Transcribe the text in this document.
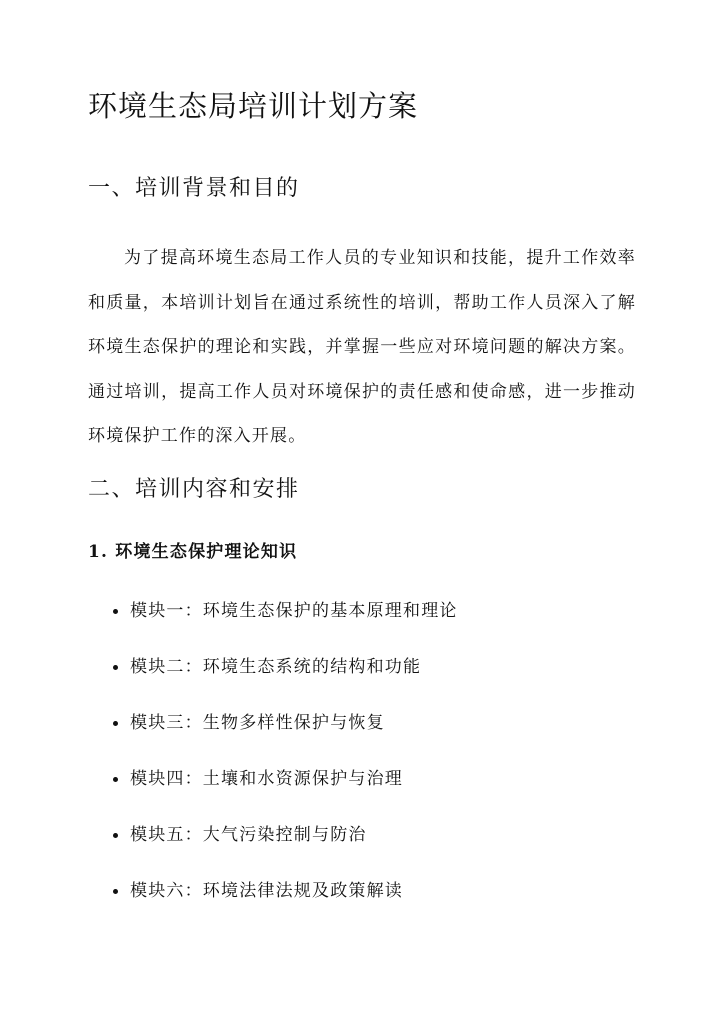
环境生态局培训计划方案
一、培训背景和目的

为了提高环境生态局工作人员的专业知识和技能，提升工作效率和质量，本培训计划旨在通过系统性的培训，帮助工作人员深入了解环境生态保护的理论和实践，并掌握一些应对环境问题的解决方案。通过培训，提高工作人员对环境保护的责任感和使命感，进一步推动环境保护工作的深入开展。

二、培训内容和安排
1. 环境生态保护理论知识
模块一：环境生态保护的基本原理和理论
模块二：环境生态系统的结构和功能
模块三：生物多样性保护与恢复
模块四：土壤和水资源保护与治理
模块五：大气污染控制与防治
模块六：环境法律法规及政策解读
